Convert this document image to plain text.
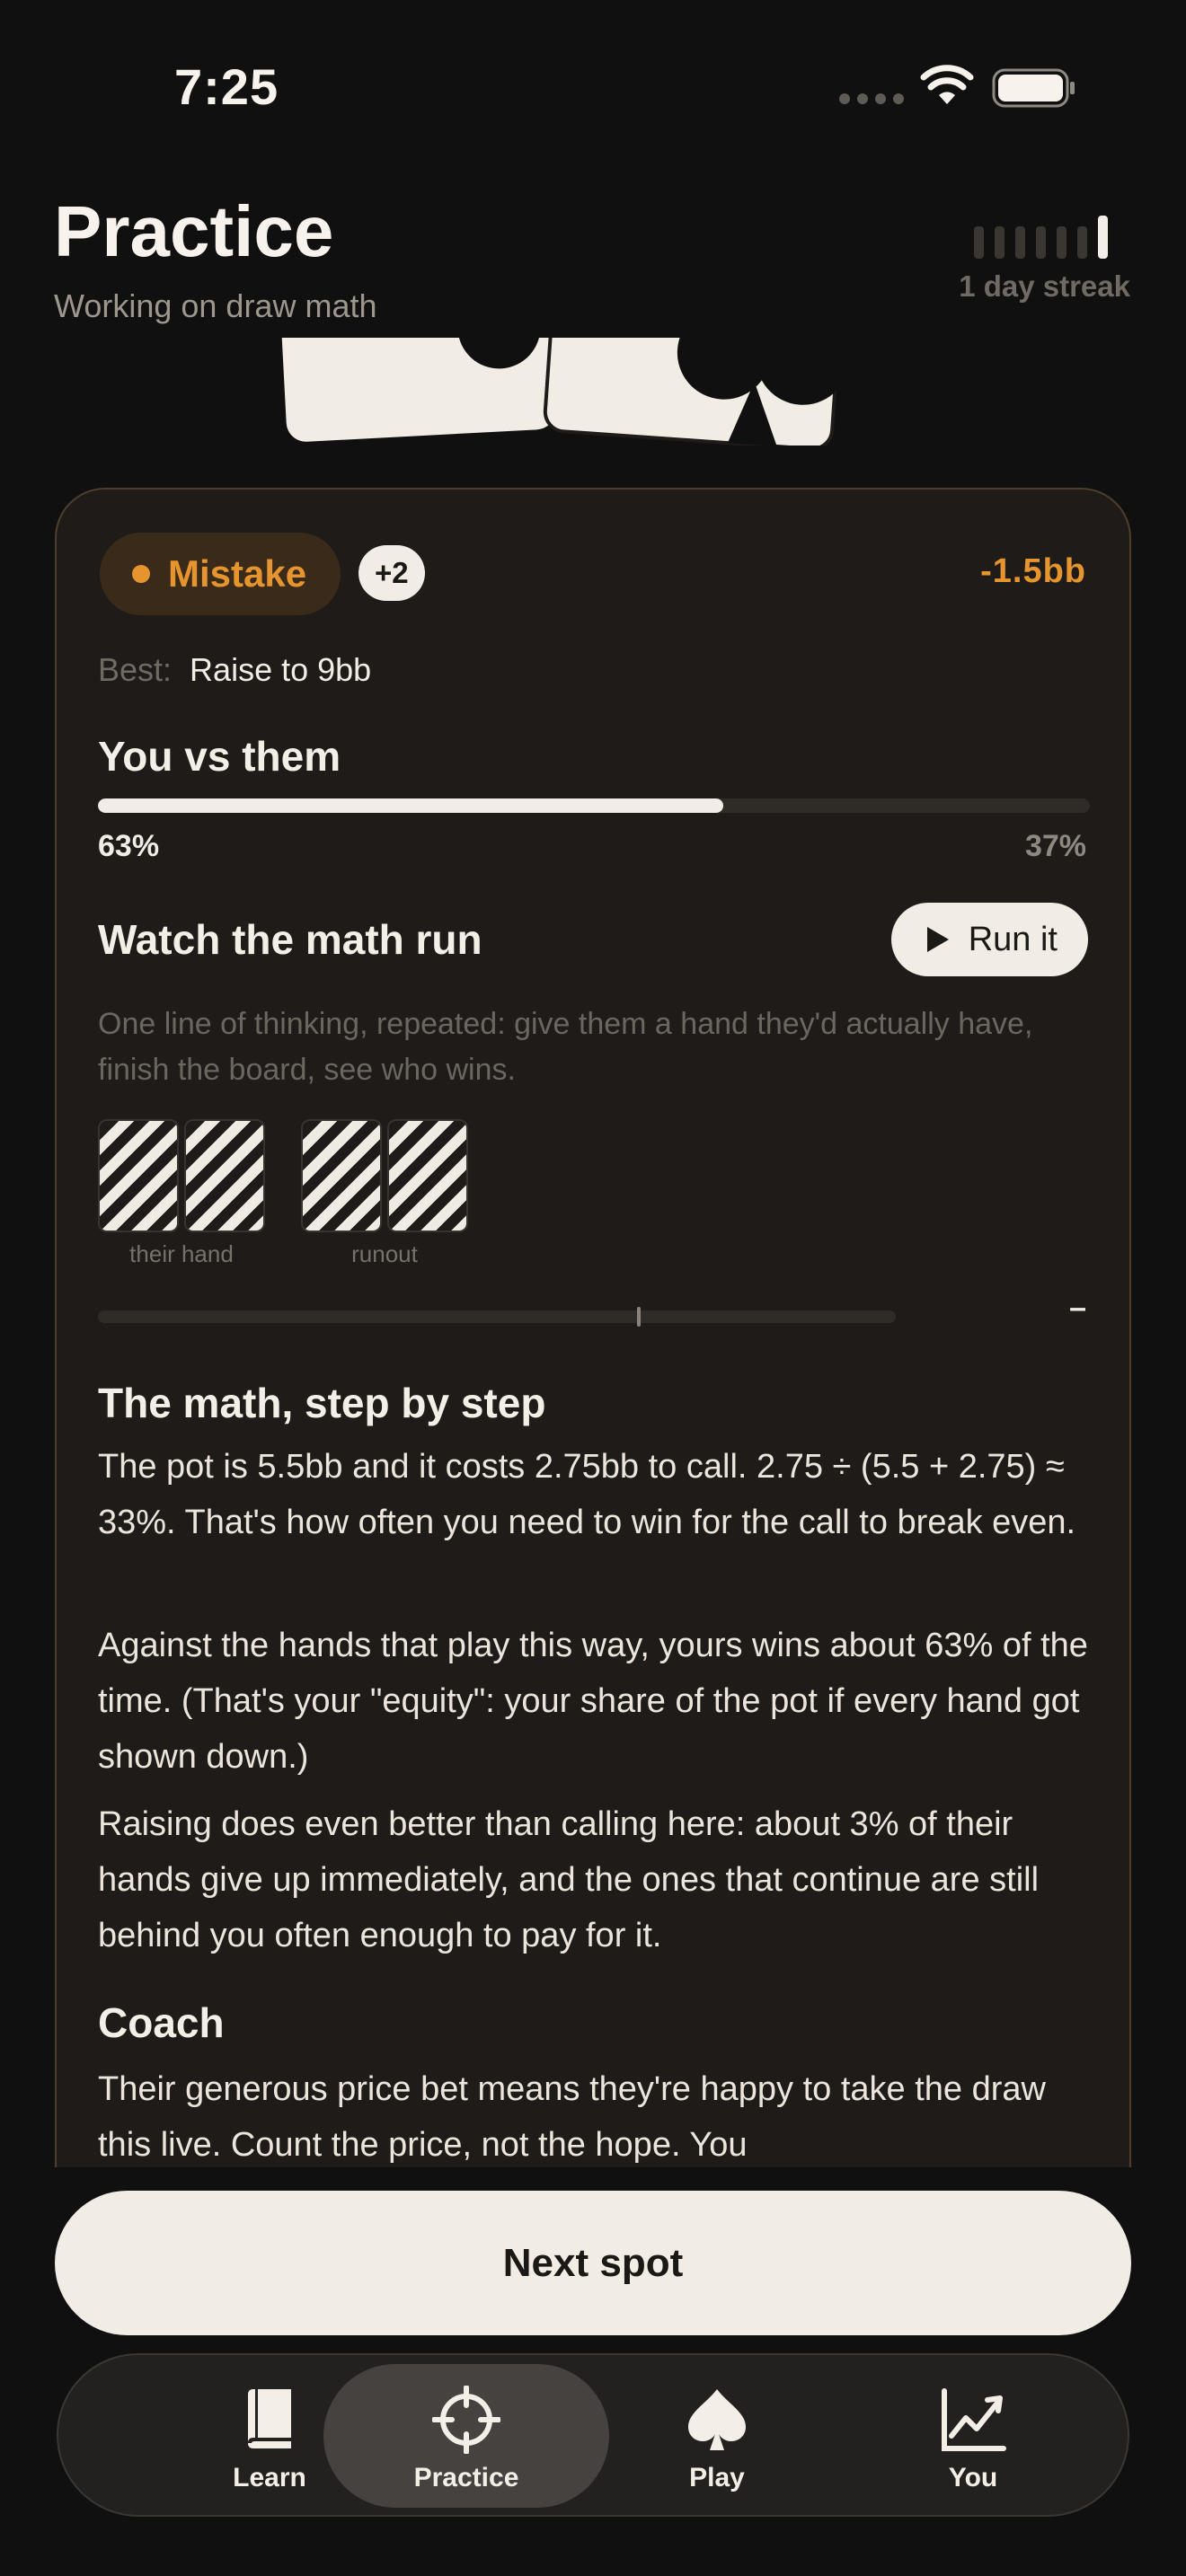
7:25
Practice
Working on draw math
1 day streak
Mistake	+2	-1.5bb
Best: Raise to 9bb
You vs them
63%	37%
Watch the math run	Run it

One line of thinking, repeated: give them a hand they'd actually have, finish the board, see who wins.

their hand	runout
–
The math, step by step

The pot is 5.5bb and it costs 2.75bb to call. 2.75 ÷ (5.5 + 2.75) ≈ 33%. That's how often you need to win for the call to break even.

Against the hands that play this way, yours wins about 63% of the time. (That's your "equity": your share of the pot if every hand got shown down.)

Raising does even better than calling here: about 3% of their hands give up immediately, and the ones that continue are still behind you often enough to pay for it.

Coach

Their generous price bet means they're happy to take the draw this live. Count the price, not the hope. You

Next spot
Learn	Practice	Play	You
